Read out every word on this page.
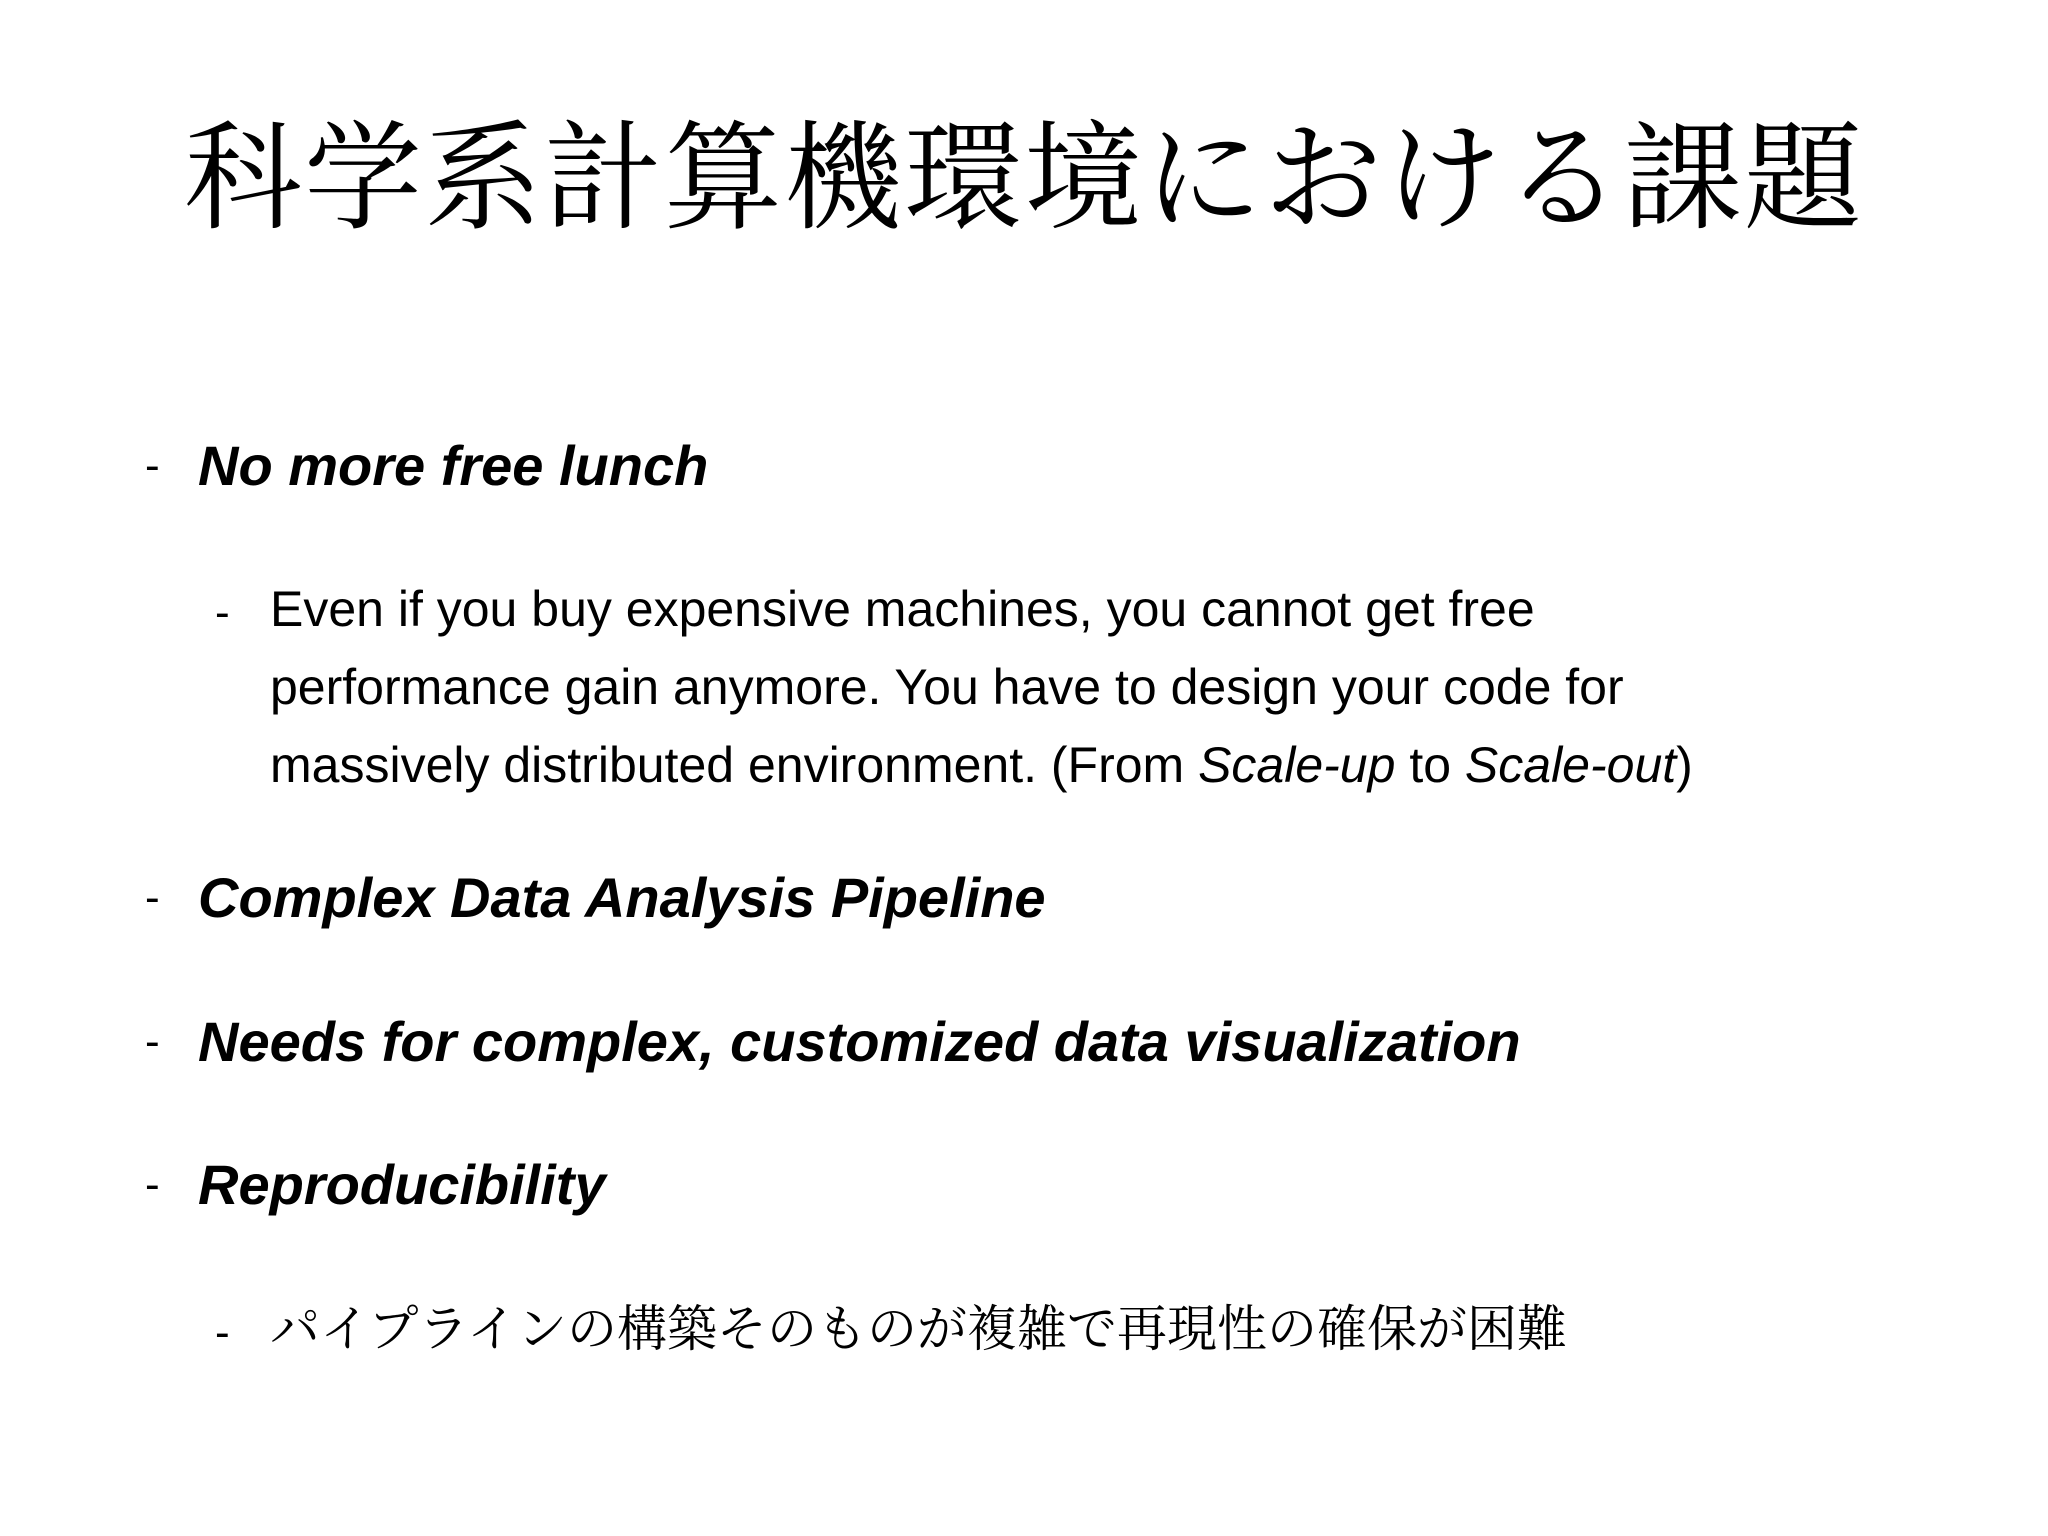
科学系計算機環境における課題
- No more free lunch
- Even if you buy expensive machines, you cannot get free
performance gain anymore. You have to design your code for
massively distributed environment. (From Scale-up to Scale-out)
- Complex Data Analysis Pipeline
- Needs for complex, customized data visualization
- Reproducibility
- パイプラインの構築そのものが複雑で再現性の確保が困難
